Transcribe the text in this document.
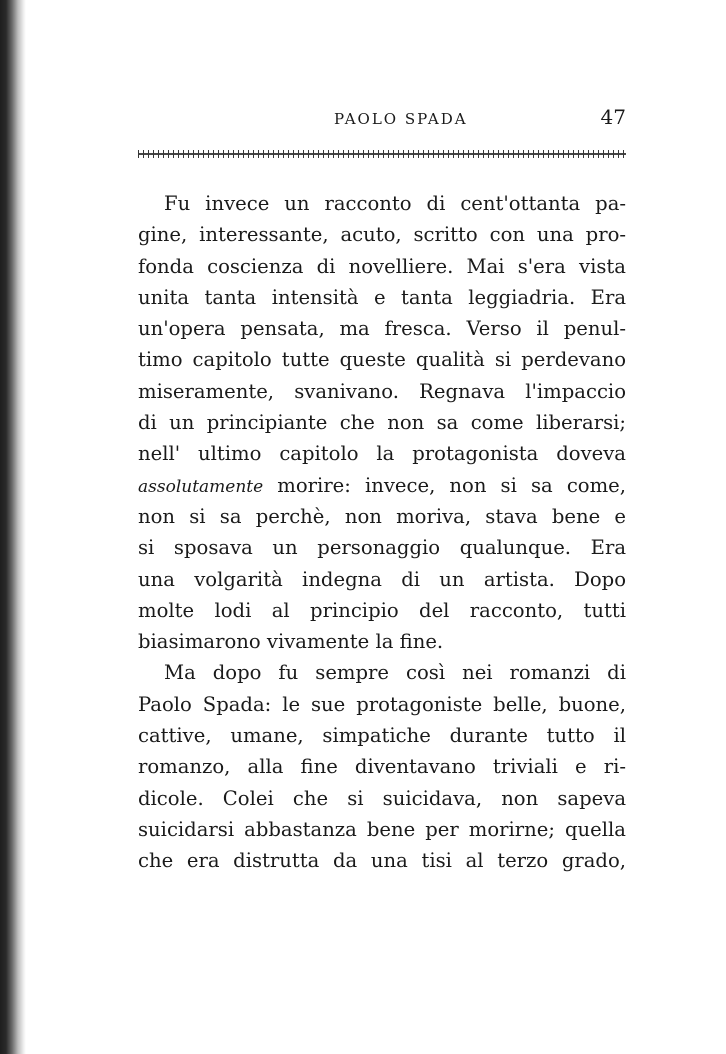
PAOLO SPADA	47
Fu invece un racconto di cent'ottanta pa-
gine, interessante, acuto, scritto con una pro-
fonda coscienza di novelliere. Mai s'era vista
unita tanta intensità e tanta leggiadria. Era
un'opera pensata, ma fresca. Verso il penul-
timo capitolo tutte queste qualità si perdevano
miseramente, svanivano. Regnava l'impaccio
di un principiante che non sa come liberarsi;
nell' ultimo capitolo la protagonista doveva
assolutamente morire: invece, non si sa come,
non si sa perchè, non moriva, stava bene e
si sposava un personaggio qualunque. Era
una volgarità indegna di un artista. Dopo
molte lodi al principio del racconto, tutti
biasimarono vivamente la fine.
Ma dopo fu sempre così nei romanzi di
Paolo Spada: le sue protagoniste belle, buone,
cattive, umane, simpatiche durante tutto il
romanzo, alla fine diventavano triviali e ri-
dicole. Colei che si suicidava, non sapeva
suicidarsi abbastanza bene per morirne; quella
che era distrutta da una tisi al terzo grado,
